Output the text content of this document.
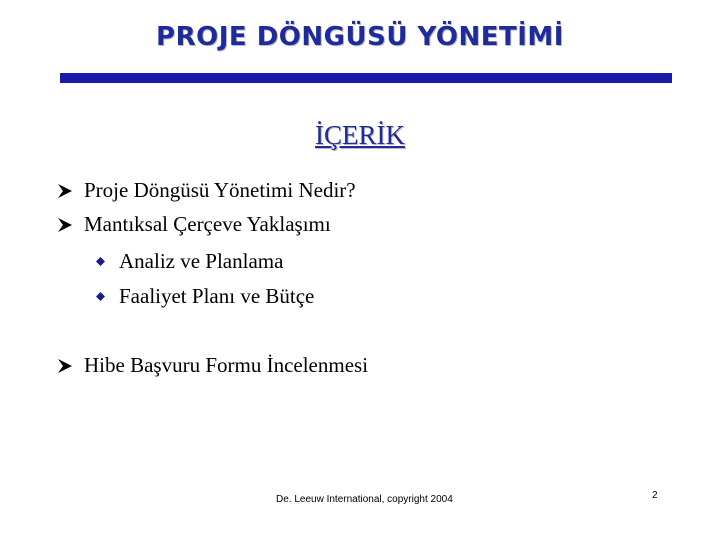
PROJE DÖNGÜSÜ YÖNETİMİ
İÇERİK
Proje Döngüsü Yönetimi Nedir?
Mantıksal Çerçeve Yaklaşımı
Analiz ve Planlama
Faaliyet Planı ve Bütçe
Hibe Başvuru Formu İncelenmesi
De. Leeuw International, copyright 2004	2
